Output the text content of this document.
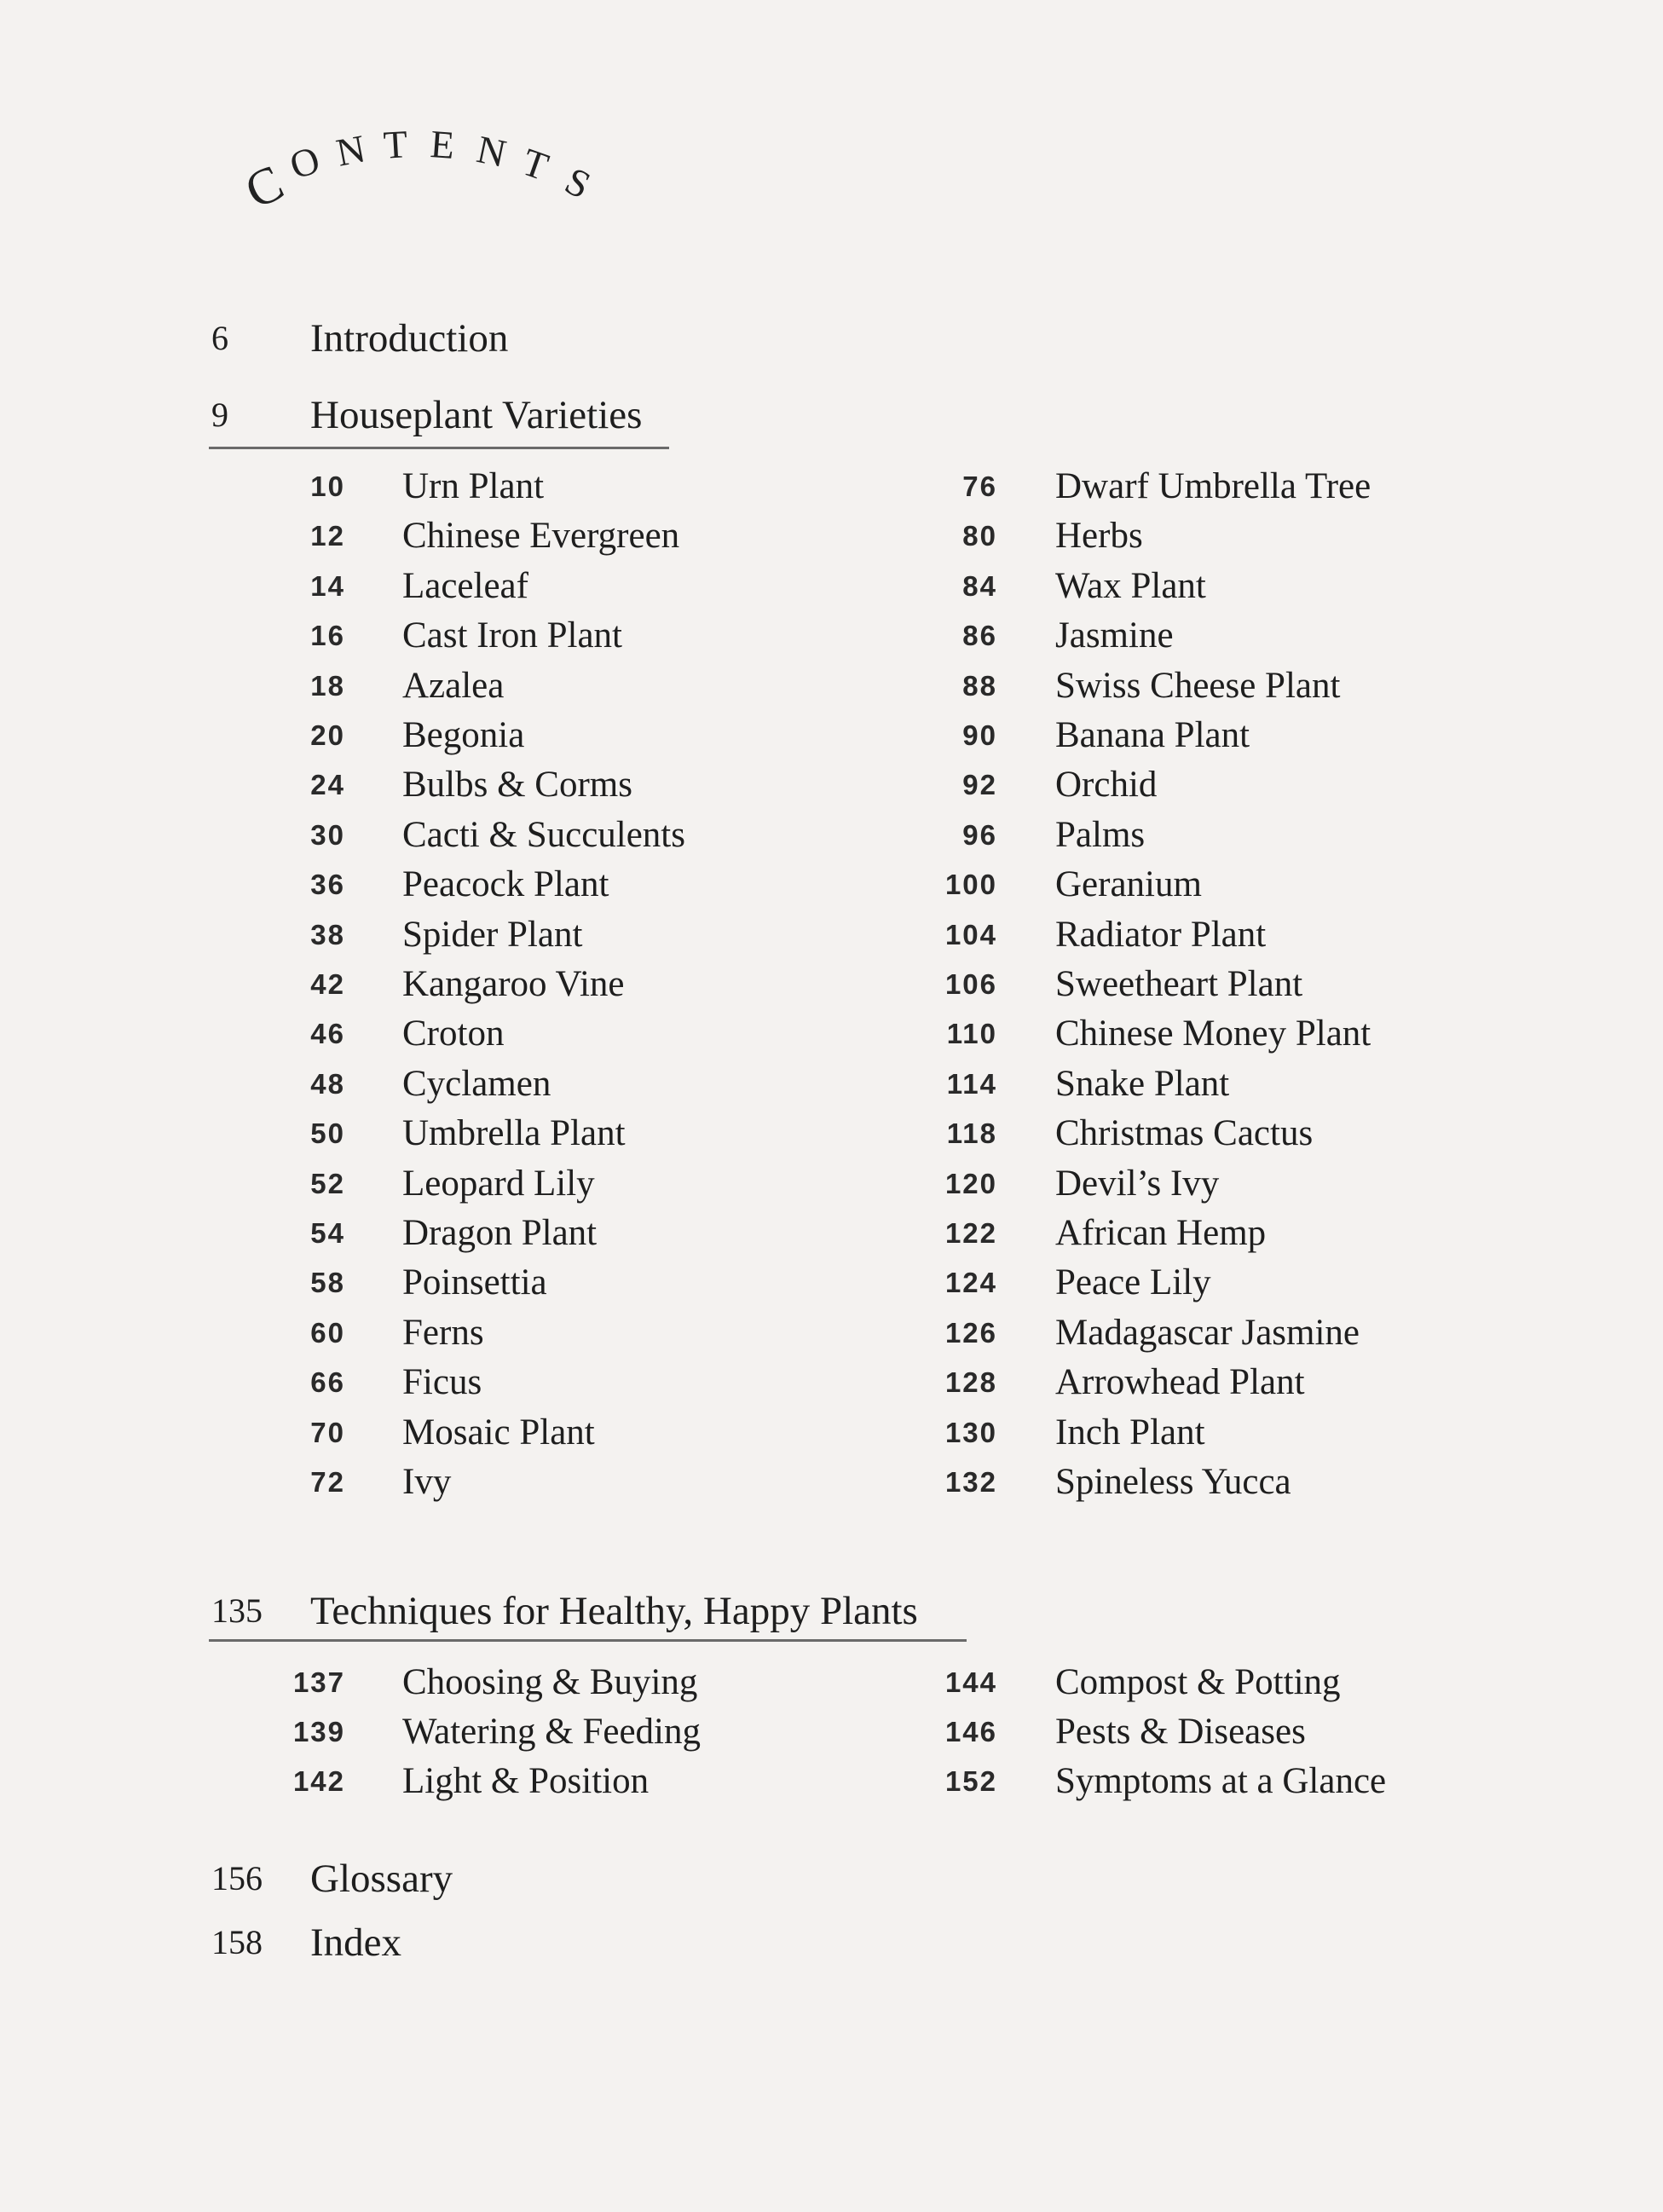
C
O N T E N T S
6 Introduction
9 Houseplant Varieties
10 Urn Plant
12 Chinese Evergreen
14 Laceleaf
16 Cast Iron Plant
18 Azalea
20 Begonia
24 Bulbs & Corms
30 Cacti & Succulents
36 Peacock Plant
38 Spider Plant
42 Kangaroo Vine
46 Croton
48 Cyclamen
50 Umbrella Plant
52 Leopard Lily
54 Dragon Plant
58 Poinsettia
60 Ferns
66 Ficus
70 Mosaic Plant
72 Ivy
76 Dwarf Umbrella Tree
80 Herbs
84 Wax Plant
86 Jasmine
88 Swiss Cheese Plant
90 Banana Plant
92 Orchid
96 Palms
100 Geranium
104 Radiator Plant
106 Sweetheart Plant
110 Chinese Money Plant
114 Snake Plant
118 Christmas Cactus
120 Devil’s Ivy
122 African Hemp
124 Peace Lily
126 Madagascar Jasmine
128 Arrowhead Plant
130 Inch Plant
132 Spineless Yucca
135 Techniques for Healthy, Happy Plants
137 Choosing & Buying
139 Watering & Feeding
142 Light & Position
144 Compost & Potting
146 Pests & Diseases
152 Symptoms at a Glance
156 Glossary
158 Index
